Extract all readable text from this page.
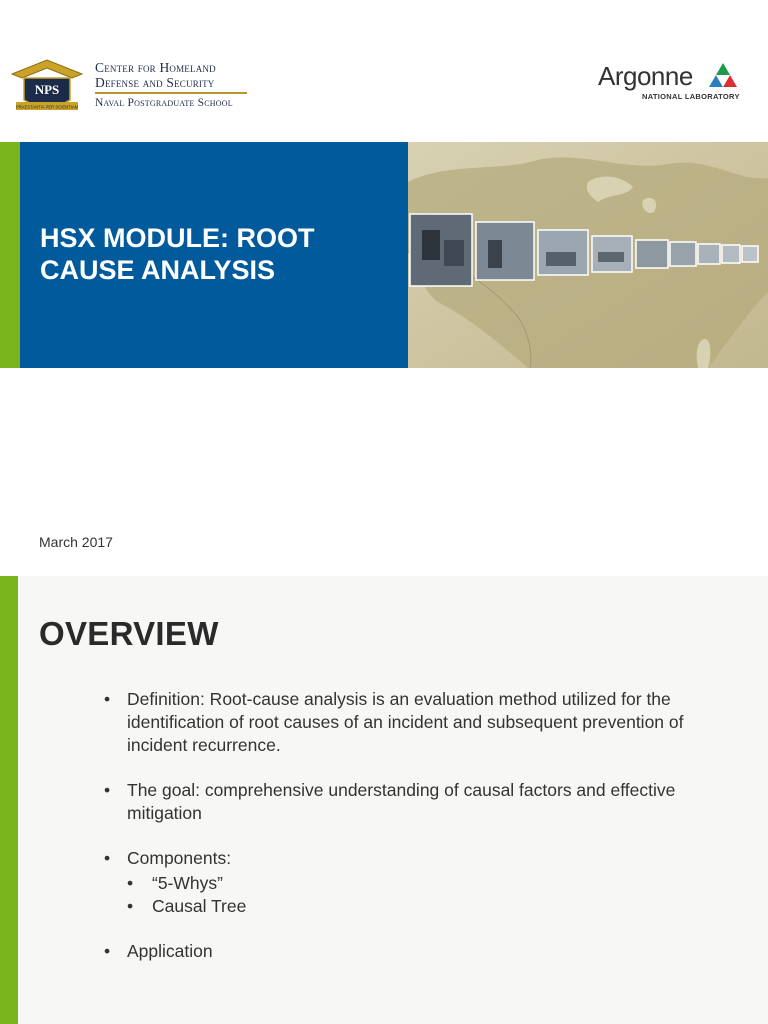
NPS
PRAESTANTIA PER SCIENTIAM
Center for Homeland
Defense and Security
Naval Postgraduate School
Argonne
NATIONAL LABORATORY
HSX MODULE: ROOT CAUSE ANALYSIS
March 2017
OVERVIEW
• Definition: Root-cause analysis is an evaluation method utilized for the identification of root causes of an incident and subsequent prevention of incident recurrence.
• The goal: comprehensive understanding of causal factors and effective mitigation
• Components:
• “5-Whys”
• Causal Tree
• Application
